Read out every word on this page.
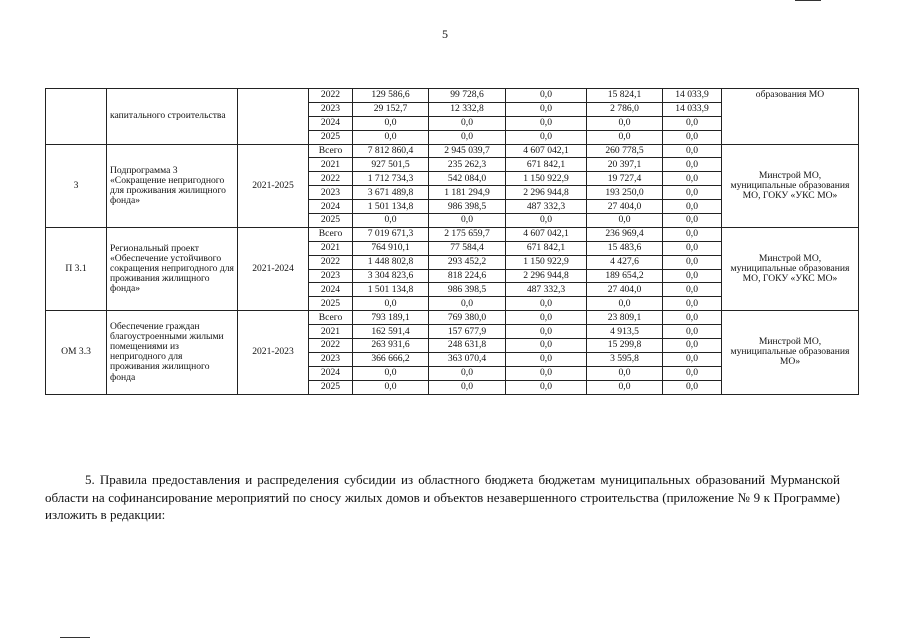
5
	капитального строительства		2022	129 586,6	99 728,6	0,0	15 824,1	14 033,9	образования МО
			2023	29 152,7	12 332,8	0,0	2 786,0	14 033,9	
			2024	0,0	0,0	0,0	0,0	0,0	
			2025	0,0	0,0	0,0	0,0	0,0	
3	Подпрограмма 3 «Сокращение непригодного для проживания жилищного фонда»	2021-2025	Всего	7 812 860,4	2 945 039,7	4 607 042,1	260 778,5	0,0	Минстрой МО, муниципальные образования МО, ГОКУ «УКС МО»
			2021	927 501,5	235 262,3	671 842,1	20 397,1	0,0	
			2022	1 712 734,3	542 084,0	1 150 922,9	19 727,4	0,0	
			2023	3 671 489,8	1 181 294,9	2 296 944,8	193 250,0	0,0	
			2024	1 501 134,8	986 398,5	487 332,3	27 404,0	0,0	
			2025	0,0	0,0	0,0	0,0	0,0	
П 3.1	Региональный проект «Обеспечение устойчивого сокращения непригодного для проживания жилищного фонда»	2021-2024	Всего	7 019 671,3	2 175 659,7	4 607 042,1	236 969,4	0,0	Минстрой МО, муниципальные образования МО, ГОКУ «УКС МО»
			2021	764 910,1	77 584,4	671 842,1	15 483,6	0,0	
			2022	1 448 802,8	293 452,2	1 150 922,9	4 427,6	0,0	
			2023	3 304 823,6	818 224,6	2 296 944,8	189 654,2	0,0	
			2024	1 501 134,8	986 398,5	487 332,3	27 404,0	0,0	
			2025	0,0	0,0	0,0	0,0	0,0	
ОМ 3.3	Обеспечение граждан благоустроенными жилыми помещениями из непригодного для проживания жилищного фонда	2021-2023	Всего	793 189,1	769 380,0	0,0	23 809,1	0,0	Минстрой МО, муниципальные образования МО»
			2021	162 591,4	157 677,9	0,0	4 913,5	0,0	
			2022	263 931,6	248 631,8	0,0	15 299,8	0,0	
			2023	366 666,2	363 070,4	0,0	3 595,8	0,0	
			2024	0,0	0,0	0,0	0,0	0,0	
			2025	0,0	0,0	0,0	0,0	0,0	

5. Правила предоставления и распределения субсидии из областного бюджета бюджетам муниципальных образований Мурманской области на софинансирование мероприятий по сносу жилых домов и объектов незавершенного строительства (приложение № 9 к Программе) изложить в редакции:
